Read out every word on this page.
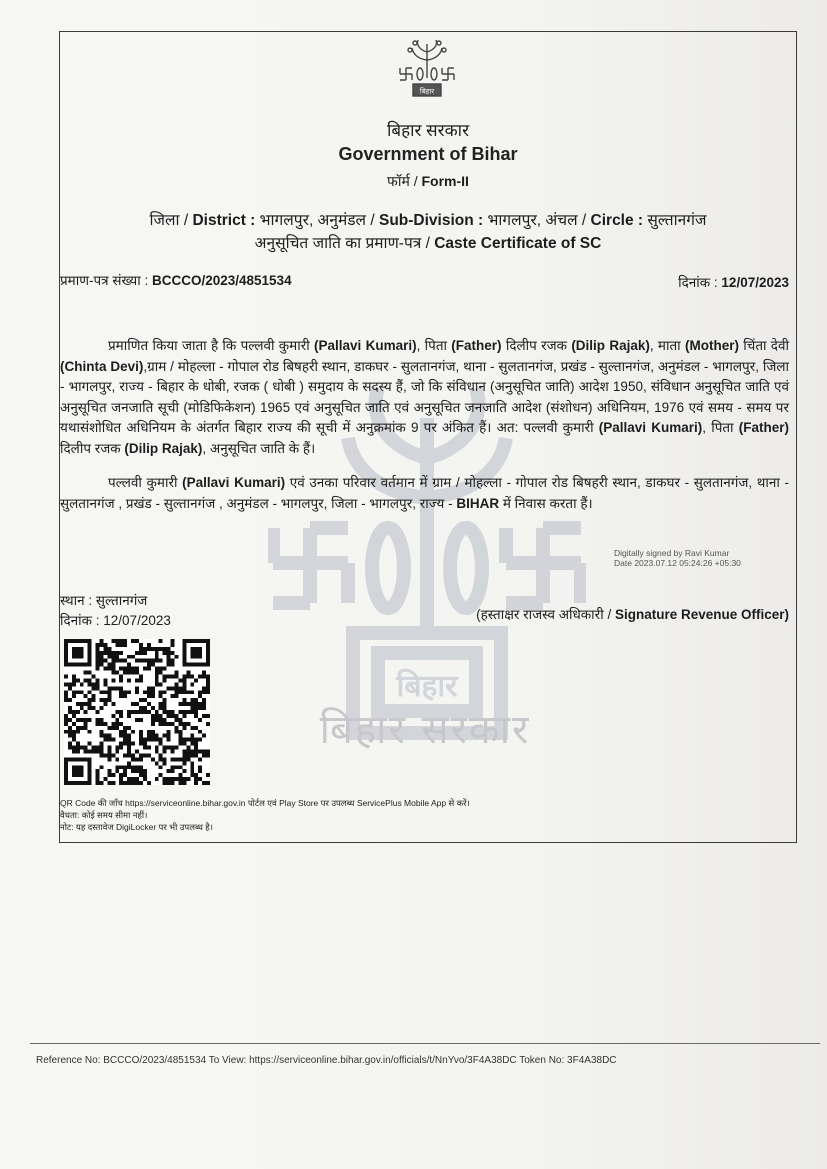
बिहार
बिहार सरकार
बिहार
बिहार सरकार
Government of Bihar
फॉर्म / Form-II
जिला / District : भागलपुर, अनुमंडल / Sub-Division : भागलपुर, अंचल / Circle : सुल्तानगंज
अनुसूचित जाति का प्रमाण-पत्र / Caste Certificate of SC
प्रमाण-पत्र संख्या : BCCCO/2023/4851534	दिनांक : 12/07/2023
प्रमाणित किया जाता है कि पल्लवी कुमारी (Pallavi Kumari), पिता (Father) दिलीप रजक (Dilip Rajak), माता (Mother) चिंता देवी (Chinta Devi),ग्राम / मोहल्ला - गोपाल रोड बिषहरी स्थान, डाकघर - सुलतानगंज, थाना - सुलतानगंज, प्रखंड - सुल्तानगंज, अनुमंडल - भागलपुर, जिला - भागलपुर, राज्य - बिहार के धोबी, रजक ( धोबी ) समुदाय के सदस्य हैं, जो कि संविधान (अनुसूचित जाति) आदेश 1950, संविधान अनुसूचित जाति एवं अनुसूचित जनजाति सूची (मोडिफिकेशन) 1965 एवं अनुसूचित जाति एवं अनुसूचित जनजाति आदेश (संशोधन) अधिनियम, 1976 एवं समय - समय पर यथासंशोधित अधिनियम के अंतर्गत बिहार राज्य की सूची में अनुक्रमांक 9 पर अंकित हैं। अत: पल्लवी कुमारी (Pallavi Kumari), पिता (Father) दिलीप रजक (Dilip Rajak), अनुसूचित जाति के हैं।
पल्लवी कुमारी (Pallavi Kumari) एवं उनका परिवार वर्तमान में ग्राम / मोहल्ला - गोपाल रोड बिषहरी स्थान, डाकघर - सुलतानगंज, थाना - सुलतानगंज , प्रखंड - सुल्तानगंज , अनुमंडल - भागलपुर, जिला - भागलपुर, राज्य - BIHAR में निवास करता हैं।
Digitally signed by Ravi Kumar
Date 2023.07.12 05:24:26 +05:30
स्थान : सुल्तानगंज
दिनांक : 12/07/2023	(हस्ताक्षर राजस्व अधिकारी / Signature Revenue Officer)
QR Code की जाँच https://serviceonline.bihar.gov.in पोर्टल एवं Play Store पर उपलब्ध ServicePlus Mobile App से करें।
वैधता: कोई समय सीमा नहीं।
नोट: यह दस्तावेज DigiLocker पर भी उपलब्ध है।
Reference No: BCCCO/2023/4851534 To View: https://serviceonline.bihar.gov.in/officials/t/NnYvo/3F4A38DC Token No: 3F4A38DC
